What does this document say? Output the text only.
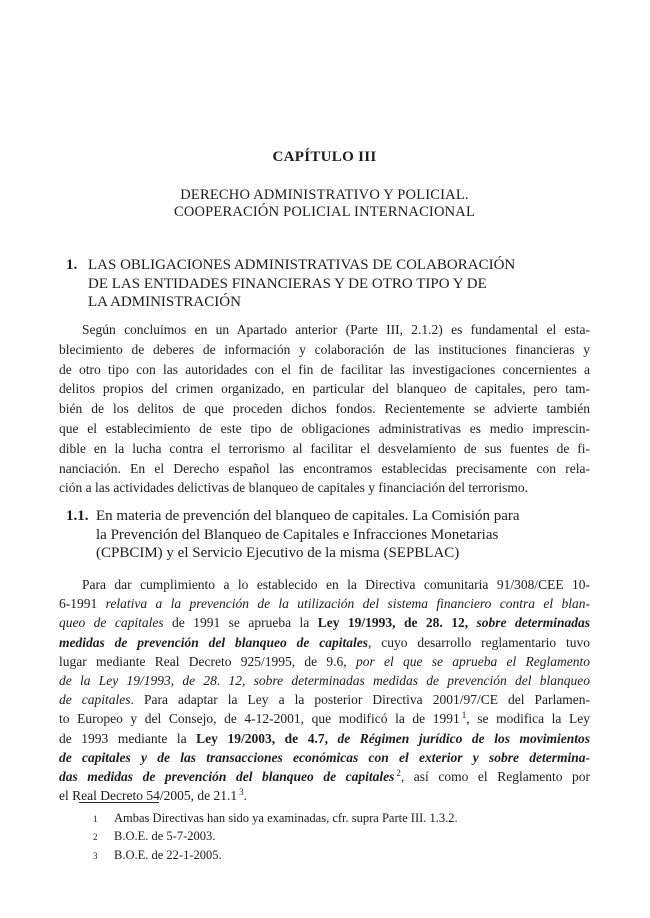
CAPÍTULO III
DERECHO ADMINISTRATIVO Y POLICIAL.
COOPERACIÓN POLICIAL INTERNACIONAL
1. LAS OBLIGACIONES ADMINISTRATIVAS DE COLABORACIÓN
DE LAS ENTIDADES FINANCIERAS Y DE OTRO TIPO Y DE
LA ADMINISTRACIÓN
Según concluimos en un Apartado anterior (Parte III, 2.1.2) es fundamental el esta-
blecimiento de deberes de información y colaboración de las instituciones financieras y
de otro tipo con las autoridades con el fin de facilitar las investigaciones concernientes a
delitos propios del crimen organizado, en particular del blanqueo de capitales, pero tam-
bién de los delitos de que proceden dichos fondos. Recientemente se advierte también
que el establecimiento de este tipo de obligaciones administrativas es medio imprescin-
dible en la lucha contra el terrorismo al facilitar el desvelamiento de sus fuentes de fi-
nanciación. En el Derecho español las encontramos establecidas precisamente con rela-
ción a las actividades delictivas de blanqueo de capitales y financiación del terrorismo.
1.1. En materia de prevención del blanqueo de capitales. La Comisión para
la Prevención del Blanqueo de Capitales e Infracciones Monetarias
(CPBCIM) y el Servicio Ejecutivo de la misma (SEPBLAC)
Para dar cumplimiento a lo establecido en la Directiva comunitaria 91/308/CEE 10-
6-1991 relativa a la prevención de la utilización del sistema financiero contra el blan-
queo de capitales de 1991 se aprueba la Ley 19/1993, de 28. 12, sobre determinadas
medidas de prevención del blanqueo de capitales, cuyo desarrollo reglamentario tuvo
lugar mediante Real Decreto 925/1995, de 9.6, por el que se aprueba el Reglamento
de la Ley 19/1993, de 28. 12, sobre determinadas medidas de prevención del blanqueo
de capitales. Para adaptar la Ley a la posterior Directiva 2001/97/CE del Parlamen-
to Europeo y del Consejo, de 4-12-2001, que modificó la de 1991 $^1$, se modifica la Ley
de 1993 mediante la Ley 19/2003, de 4.7, de Régimen jurídico de los movimientos
de capitales y de las transacciones económicas con el exterior y sobre determina-
das medidas de prevención del blanqueo de capitales $^2$, así como el Reglamento por
el Real Decreto 54/2005, de 21.1 $^3$.
1 Ambas Directivas han sido ya examinadas, cfr. supra Parte III. 1.3.2.
2 B.O.E. de 5-7-2003.
3 B.O.E. de 22-1-2005.
